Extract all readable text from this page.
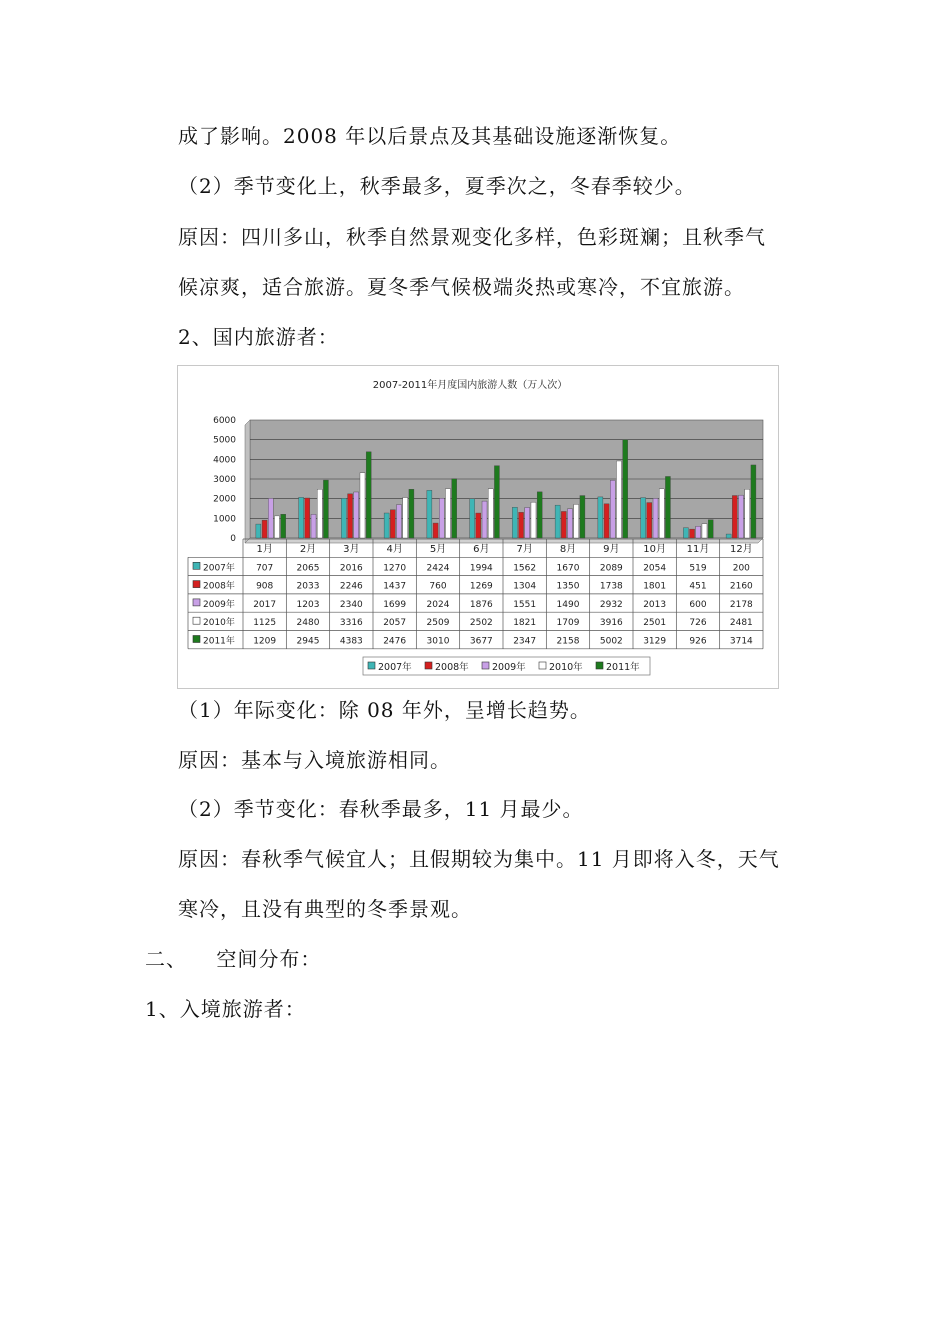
成了影响。2008 年以后景点及其基础设施逐渐恢复。
（2）季节变化上，秋季最多，夏季次之，冬春季较少。
原因：四川多山，秋季自然景观变化多样，色彩斑斓；且秋季气
候凉爽，适合旅游。夏冬季气候极端炎热或寒冷，不宜旅游。
2、国内旅游者：
2007-2011年月度国内旅游人数（万人次）
6000
5000
4000
3000
2000
1000
0
1月	2月	3月	4月	5月	6月	7月	8月	9月 10月 11月 12月
2007年 707	2065 2016 1270 2424 1994 1562 1670 2089 2054	519	200
2008年 908	2033 2246 1437	760	1269 1304 1350 1738 1801	451	2160
2009年 2017 1203 2340 1699 2024 1876 1551 1490 2932 2013	600	2178
2010年 1125 2480 3316 2057 2509 2502 1821 1709 3916 2501	726	2481
2011年 1209 2945 4383 2476 3010 3677 2347 2158 5002 3129	926	3714
2007年 2008年 2009年 2010年 2011年
（1）年际变化：除 08 年外，呈增长趋势。
原因：基本与入境旅游相同。
（2）季节变化：春秋季最多，11 月最少。
原因：春秋季气候宜人；且假期较为集中。11 月即将入冬，天气
寒冷，且没有典型的冬季景观。
二、    空间分布：
1、入境旅游者：
